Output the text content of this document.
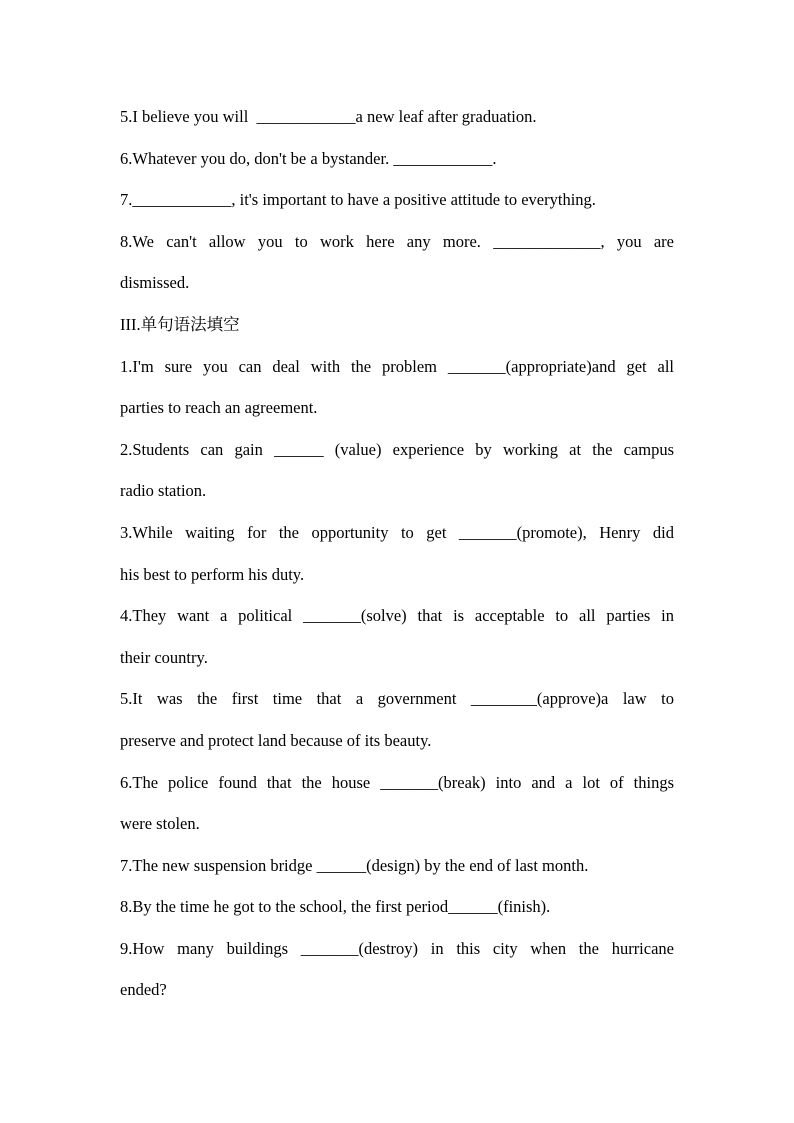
5.I believe you will  ____________a new leaf after graduation.
6.Whatever you do, don't be a bystander. ____________.
7.____________, it's important to have a positive attitude to everything.
8.We can't allow you to work here any more. _____________, you are
dismissed.
III.单句语法填空
1.I'm sure you can deal with the problem _______(appropriate)and get all
parties to reach an agreement.
2.Students can gain ______ (value) experience by working at the campus
radio station.
3.While waiting for the opportunity to get _______(promote), Henry did
his best to perform his duty.
4.They want a political _______(solve) that is acceptable to all parties in
their country.
5.It was the first time that a government ________(approve)a law to
preserve and protect land because of its beauty.
6.The police found that the house _______(break) into and a lot of things
were stolen.
7.The new suspension bridge ______(design) by the end of last month.
8.By the time he got to the school, the first period______(finish).
9.How many buildings _______(destroy) in this city when the hurricane
ended?
